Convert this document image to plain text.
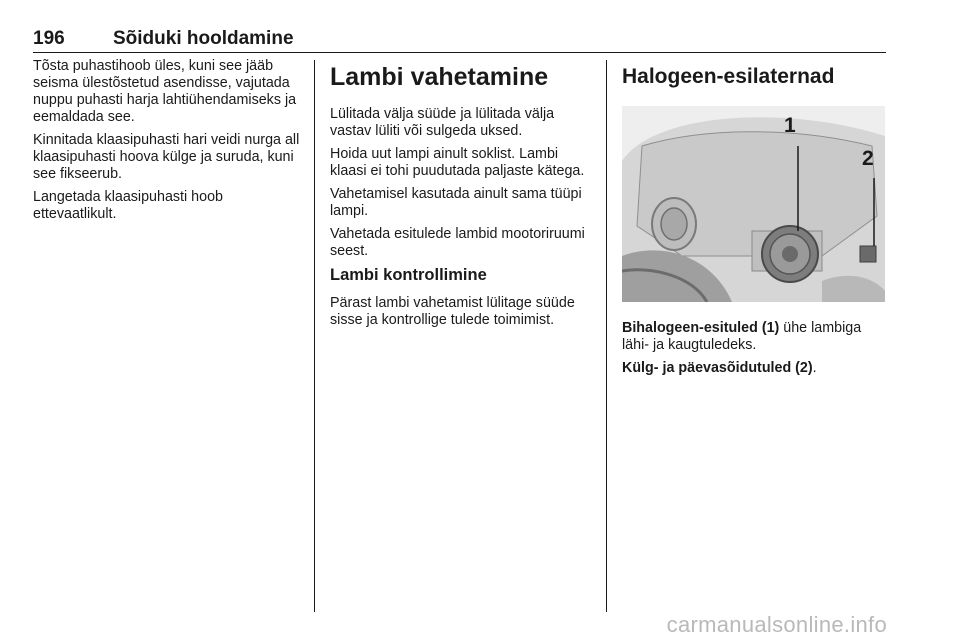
196	Sõiduki hooldamine

Tõsta puhastihoob üles, kuni see jääb seisma ülestõstetud asendisse, vajutada nuppu puhasti harja lahtiühendamiseks ja eemaldada see.

Kinnitada klaasipuhasti hari veidi nurga all klaasipuhasti hoova külge ja suruda, kuni see fikseerub.

Langetada klaasipuhasti hoob ettevaatlikult.

Lambi vahetamine

Lülitada välja süüde ja lülitada välja vastav lüliti või sulgeda uksed.

Hoida uut lampi ainult soklist. Lambi klaasi ei tohi puudutada paljaste kätega.

Vahetamisel kasutada ainult sama tüüpi lampi.

Vahetada esitulede lambid mootoriruumi seest.

Lambi kontrollimine

Pärast lambi vahetamist lülitage süüde sisse ja kontrollige tulede toimimist.

Halogeen-esilaternad
1
2

Bihalogeen-esituled (1) ühe lambiga lähi- ja kaugtuledeks.

Külg- ja päevasõidutuled (2).

carmanualsonline.info
